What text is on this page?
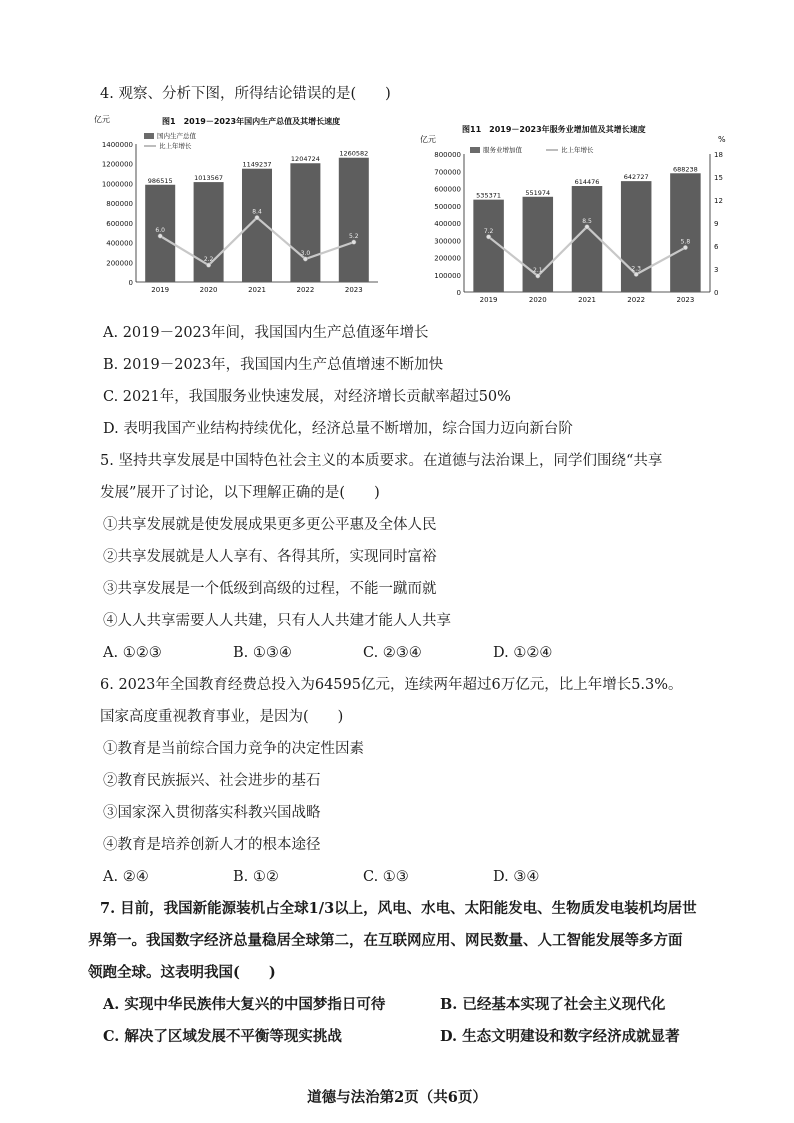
4. 观察、分析下图，所得结论错误的是(　　)
图1　2019－2023年国内生产总值及其增长速度
亿元
0
200000
400000
600000
800000
1000000
1200000
1400000
国内生产总值
比上年增长
986515
2019
1013567
2020
1149237
2021
1204724
2022
1260582
2023
6.0
2.2
8.4
3.0
5.2
图11　2019－2023年服务业增加值及其增长速度
亿元	%
0
100000
200000
300000
400000
500000
600000
700000
800000
0
3
6
9
12
15
18
服务业增加值	比上年增长
535371
2019
551974
2020
614476
2021
642727
2022
688238
2023
7.2
2.1
8.5
2.3
5.8
A. 2019－2023年间，我国国内生产总值逐年增长
B. 2019－2023年，我国国内生产总值增速不断加快
C. 2021年，我国服务业快速发展，对经济增长贡献率超过50%
D. 表明我国产业结构持续优化，经济总量不断增加，综合国力迈向新台阶
5. 坚持共享发展是中国特色社会主义的本质要求。在道德与法治课上，同学们围绕“共享
发展”展开了讨论，以下理解正确的是(　　)
①共享发展就是使发展成果更多更公平惠及全体人民
②共享发展就是人人享有、各得其所，实现同时富裕
③共享发展是一个低级到高级的过程，不能一蹴而就
④人人共享需要人人共建，只有人人共建才能人人共享
A. ①②③	B. ①③④	C. ②③④	D. ①②④
6. 2023年全国教育经费总投入为64595亿元，连续两年超过6万亿元，比上年增长5.3%。
国家高度重视教育事业，是因为(　　)
①教育是当前综合国力竞争的决定性因素
②教育民族振兴、社会进步的基石
③国家深入贯彻落实科教兴国战略
④教育是培养创新人才的根本途径
A. ②④	B. ①②	C. ①③	D. ③④
7. 目前，我国新能源装机占全球1/3以上，风电、水电、太阳能发电、生物质发电装机均居世
界第一。我国数字经济总量稳居全球第二，在互联网应用、网民数量、人工智能发展等多方面
领跑全球。这表明我国(　　)
A. 实现中华民族伟大复兴的中国梦指日可待	B. 已经基本实现了社会主义现代化
C. 解决了区域发展不平衡等现实挑战	D. 生态文明建设和数字经济成就显著
道德与法治第2页（共6页）
